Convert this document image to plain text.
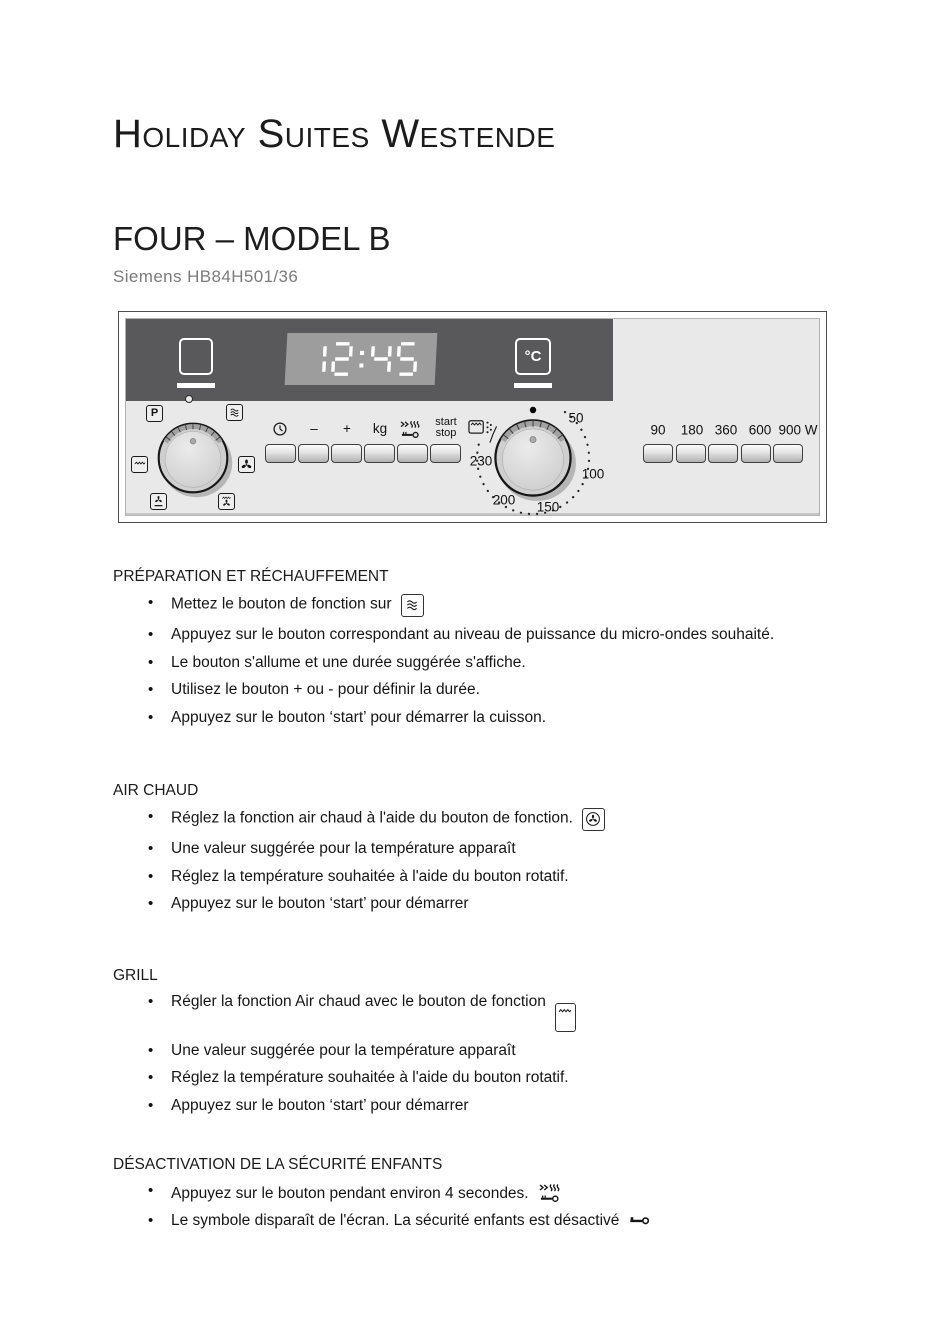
Holiday Suites Westende
FOUR – MODEL B
Siemens HB84H501/36
°C
P
–	+	kg	start
stop
50
100
150
200
230
90 180 360 600 900 W
PRÉPARATION ET RÉCHAUFFEMENT
• Mettez le bouton de fonction sur
• Appuyez sur le bouton correspondant au niveau de puissance du micro-ondes souhaité.
• Le bouton s'allume et une durée suggérée s'affiche.
• Utilisez le bouton + ou - pour définir la durée.
• Appuyez sur le bouton ‘start’ pour démarrer la cuisson.
AIR CHAUD
• Réglez la fonction air chaud à l'aide du bouton de fonction.
• Une valeur suggérée pour la température apparaît
• Réglez la température souhaitée à l'aide du bouton rotatif.
• Appuyez sur le bouton ‘start’ pour démarrer
GRILL
• Régler la fonction Air chaud avec le bouton de fonction
• Une valeur suggérée pour la température apparaît
• Réglez la température souhaitée à l'aide du bouton rotatif.
• Appuyez sur le bouton ‘start’ pour démarrer
DÉSACTIVATION DE LA SÉCURITÉ ENFANTS
• Appuyez sur le bouton pendant environ 4 secondes.
• Le symbole disparaît de l'écran. La sécurité enfants est désactivé
